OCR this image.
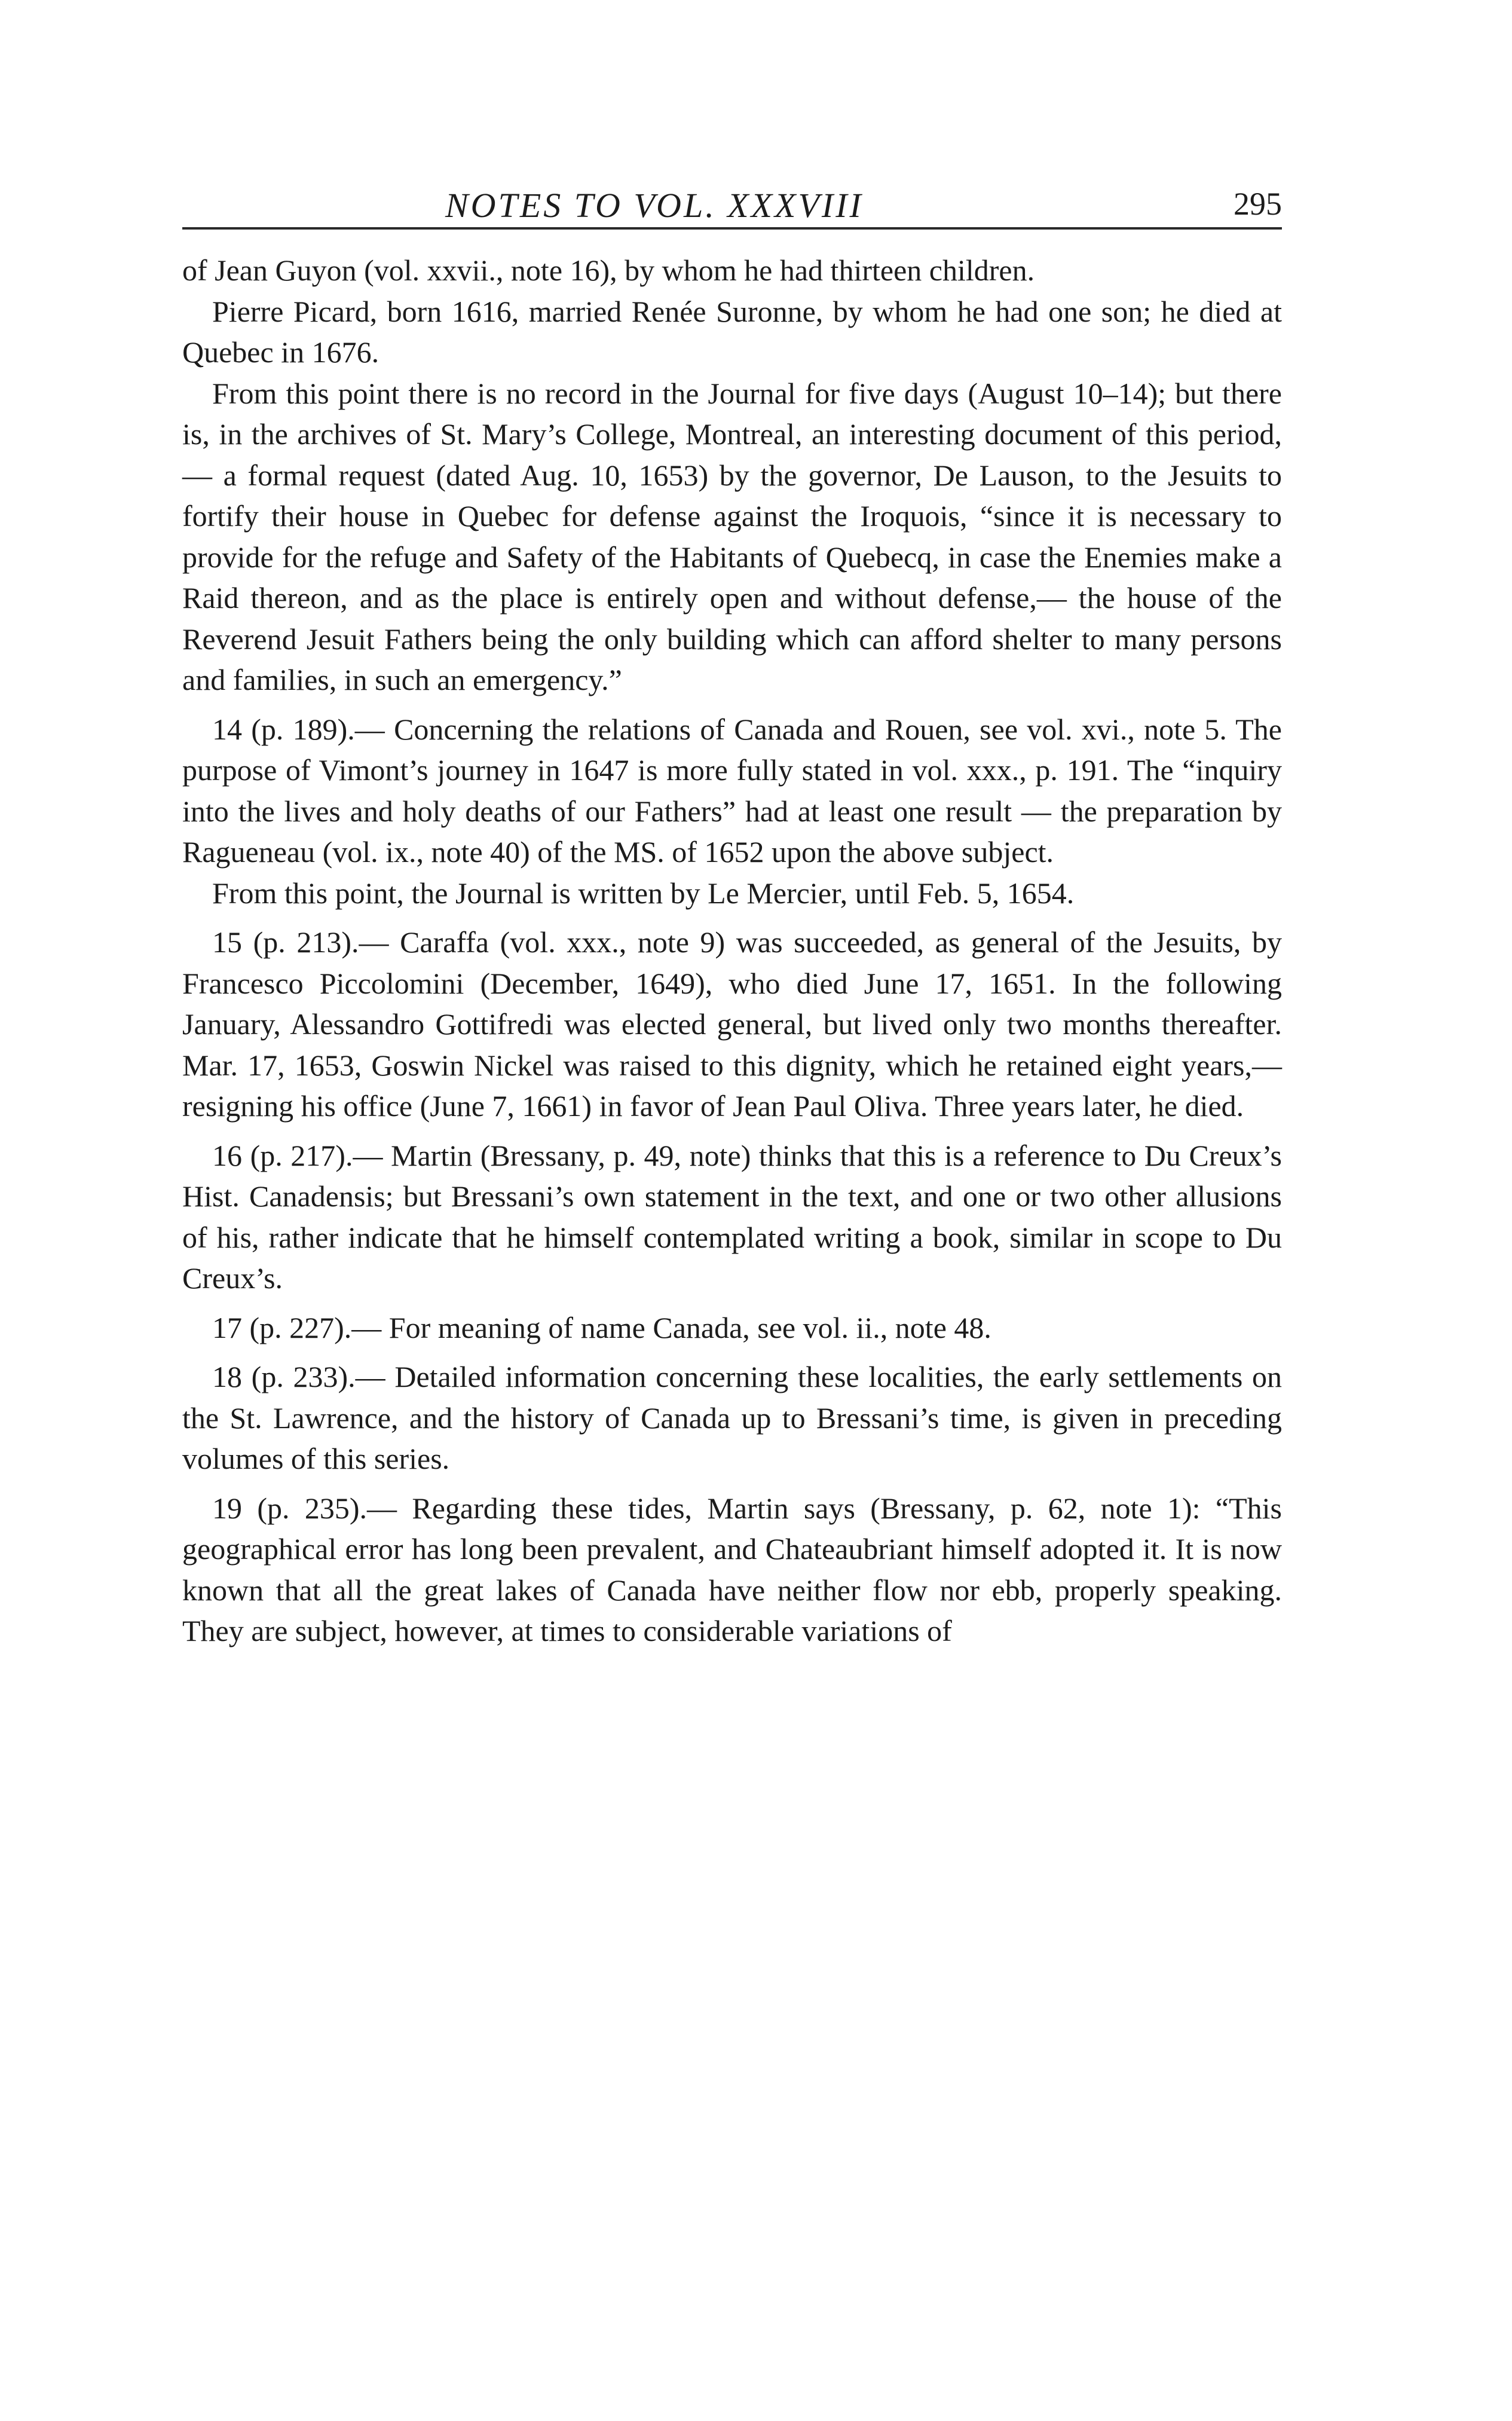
NOTES TO VOL. XXXVIII	295

of Jean Guyon (vol. xxvii., note 16), by whom he had thirteen children.

Pierre Picard, born 1616, married Renée Suronne, by whom he had one son; he died at Quebec in 1676.

From this point there is no record in the Journal for five days (August 10–14); but there is, in the archives of St. Mary’s College, Montreal, an interesting document of this period,— a formal request (dated Aug. 10, 1653) by the governor, De Lauson, to the Jesuits to fortify their house in Quebec for defense against the Iroquois, “since it is necessary to provide for the refuge and Safety of the Habitants of Quebecq, in case the Enemies make a Raid thereon, and as the place is entirely open and without defense,— the house of the Reverend Jesuit Fathers being the only building which can afford shelter to many persons and families, in such an emergency.”

14 (p. 189).— Concerning the relations of Canada and Rouen, see vol. xvi., note 5. The purpose of Vimont’s journey in 1647 is more fully stated in vol. xxx., p. 191. The “inquiry into the lives and holy deaths of our Fathers” had at least one result — the preparation by Ragueneau (vol. ix., note 40) of the MS. of 1652 upon the above subject.

From this point, the Journal is written by Le Mercier, until Feb. 5, 1654.

15 (p. 213).— Caraffa (vol. xxx., note 9) was succeeded, as general of the Jesuits, by Francesco Piccolomini (December, 1649), who died June 17, 1651. In the following January, Alessandro Gottifredi was elected general, but lived only two months thereafter. Mar. 17, 1653, Goswin Nickel was raised to this dignity, which he retained eight years,— resigning his office (June 7, 1661) in favor of Jean Paul Oliva. Three years later, he died.

16 (p. 217).— Martin (Bressany, p. 49, note) thinks that this is a reference to Du Creux’s Hist. Canadensis; but Bressani’s own statement in the text, and one or two other allusions of his, rather indicate that he himself contemplated writing a book, similar in scope to Du Creux’s.

17 (p. 227).— For meaning of name Canada, see vol. ii., note 48.

18 (p. 233).— Detailed information concerning these localities, the early settlements on the St. Lawrence, and the history of Canada up to Bressani’s time, is given in preceding volumes of this series.

19 (p. 235).— Regarding these tides, Martin says (Bressany, p. 62, note 1): “This geographical error has long been prevalent, and Chateaubriant himself adopted it. It is now known that all the great lakes of Canada have neither flow nor ebb, properly speaking. They are subject, however, at times to considerable variations of
